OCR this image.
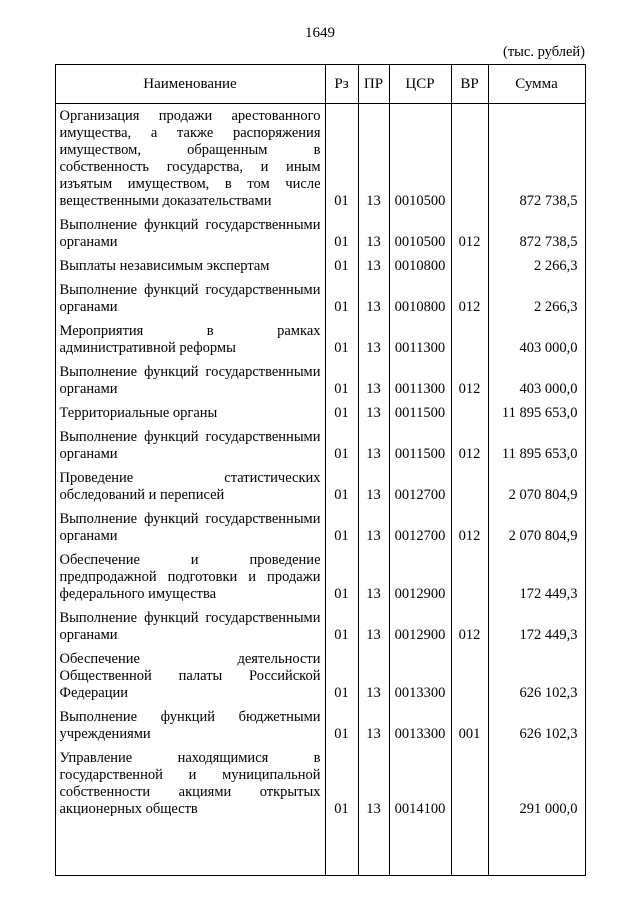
1649
(тыс. рублей)
Наименование	Рз	ПР	ЦСР	ВР	Сумма
Организация продажи арестованного имущества, а также распоряжения имуществом, обращенным в собственность государства, и иным изъятым имуществом, в том числе вещественными доказательствами	01	13	0010500		872 738,5
Выполнение функций государственными органами	01	13	0010500	012	872 738,5
Выплаты независимым экспертам	01	13	0010800		2 266,3
Выполнение функций государственными органами	01	13	0010800	012	2 266,3
Мероприятия в рамках административной реформы	01	13	0011300		403 000,0
Выполнение функций государственными органами	01	13	0011300	012	403 000,0
Территориальные органы	01	13	0011500		11 895 653,0
Выполнение функций государственными органами	01	13	0011500	012	11 895 653,0
Проведение статистических обследований и переписей	01	13	0012700		2 070 804,9
Выполнение функций государственными органами	01	13	0012700	012	2 070 804,9
Обеспечение и проведение предпродажной подготовки и продажи федерального имущества	01	13	0012900		172 449,3
Выполнение функций государственными органами	01	13	0012900	012	172 449,3
Обеспечение деятельности Общественной палаты Российской Федерации	01	13	0013300		626 102,3
Выполнение функций бюджетными учреждениями	01	13	0013300	001	626 102,3
Управление находящимися в государственной и муниципальной собственности акциями открытых акционерных обществ	01	13	0014100		291 000,0
